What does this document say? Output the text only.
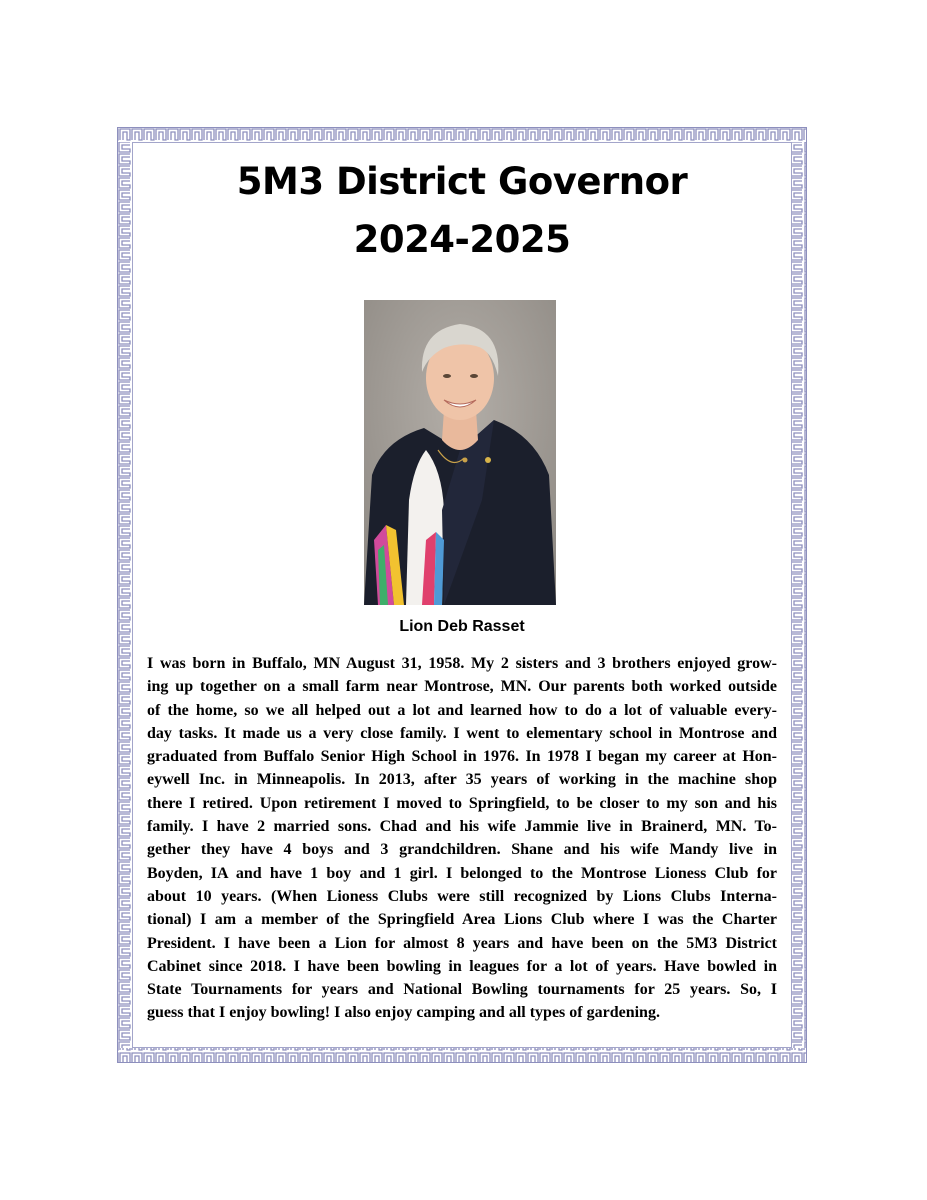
5M3 District Governor
2024-2025
Lion Deb Rasset

I was born in Buffalo, MN August 31, 1958. My 2 sisters and 3 brothers enjoyed grow-
ing up together on a small farm near Montrose, MN. Our parents both worked outside
of the home, so we all helped out a lot and learned how to do a lot of valuable every-
day tasks. It made us a very close family. I went to elementary school in Montrose and
graduated from Buffalo Senior High School in 1976. In 1978 I began my career at Hon-
eywell Inc. in Minneapolis. In 2013, after 35 years of working in the machine shop
there I retired. Upon retirement I moved to Springfield, to be closer to my son and his
family. I have 2 married sons. Chad and his wife Jammie live in Brainerd, MN. To-
gether they have 4 boys and 3 grandchildren. Shane and his wife Mandy live in
Boyden, IA and have 1 boy and 1 girl. I belonged to the Montrose Lioness Club for
about 10 years. (When Lioness Clubs were still recognized by Lions Clubs Interna-
tional) I am a member of the Springfield Area Lions Club where I was the Charter
President. I have been a Lion for almost 8 years and have been on the 5M3 District
Cabinet since 2018. I have been bowling in leagues for a lot of years. Have bowled in
State Tournaments for years and National Bowling tournaments for 25 years. So, I
guess that I enjoy bowling! I also enjoy camping and all types of gardening.
